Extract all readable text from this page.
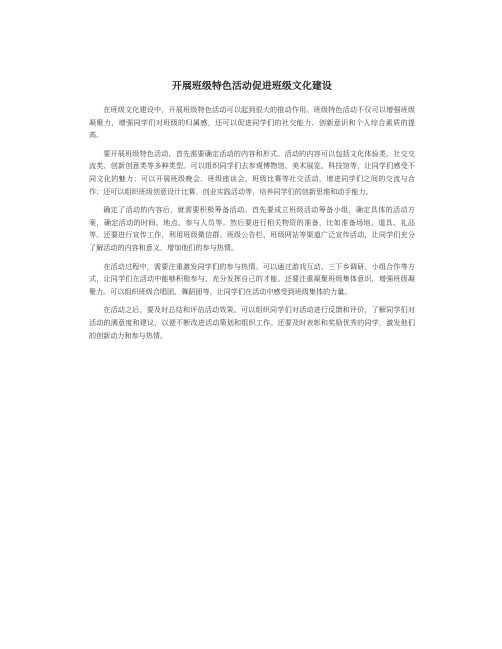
开展班级特色活动促进班级文化建设

在班级文化建设中，开展班级特色活动可以起到很大的推动作用。班级特色活动不仅可以增强班级凝聚力，增强同学们对班级的归属感，还可以促进同学们的社交能力、创新意识和个人综合素质的提高。

要开展班级特色活动，首先需要确定活动的内容和形式。活动的内容可以包括文化体验类、社交交流类、创新创意类等多种类型。可以组织同学们去参观博物馆、美术展览、科技馆等，让同学们感受不同文化的魅力；可以开展班级晚会、班级座谈会、班级比赛等社交活动，增进同学们之间的交流与合作；还可以组织班级创意设计比赛、创业实践活动等，培养同学们的创新思维和动手能力。

确定了活动的内容后，就需要积极筹备活动。首先要成立班级活动筹备小组，确定具体的活动方案，确定活动的时间、地点、参与人员等。然后要进行相关物资的准备，比如准备场地、道具、礼品等。还要进行宣传工作，利用班级微信群、班级公告栏、班级网站等渠道广泛宣传活动，让同学们充分了解活动的内容和意义，增加他们的参与热情。

在活动过程中，需要注重激发同学们的参与热情。可以通过游戏互动、三下乡调研、小组合作等方式，让同学们在活动中能够积极参与、充分发挥自己的才能。还要注重凝聚班级集体意识，增强班级凝聚力。可以组织班级合唱团、舞蹈团等，让同学们在活动中感受到班级集体的力量。

在活动之后，要及时总结和评估活动效果。可以组织同学们对活动进行反馈和评价，了解同学们对活动的满意度和建议，以便不断改进活动策划和组织工作。还要及时表彰和奖励优秀的同学，激发他们的创新动力和参与热情。
